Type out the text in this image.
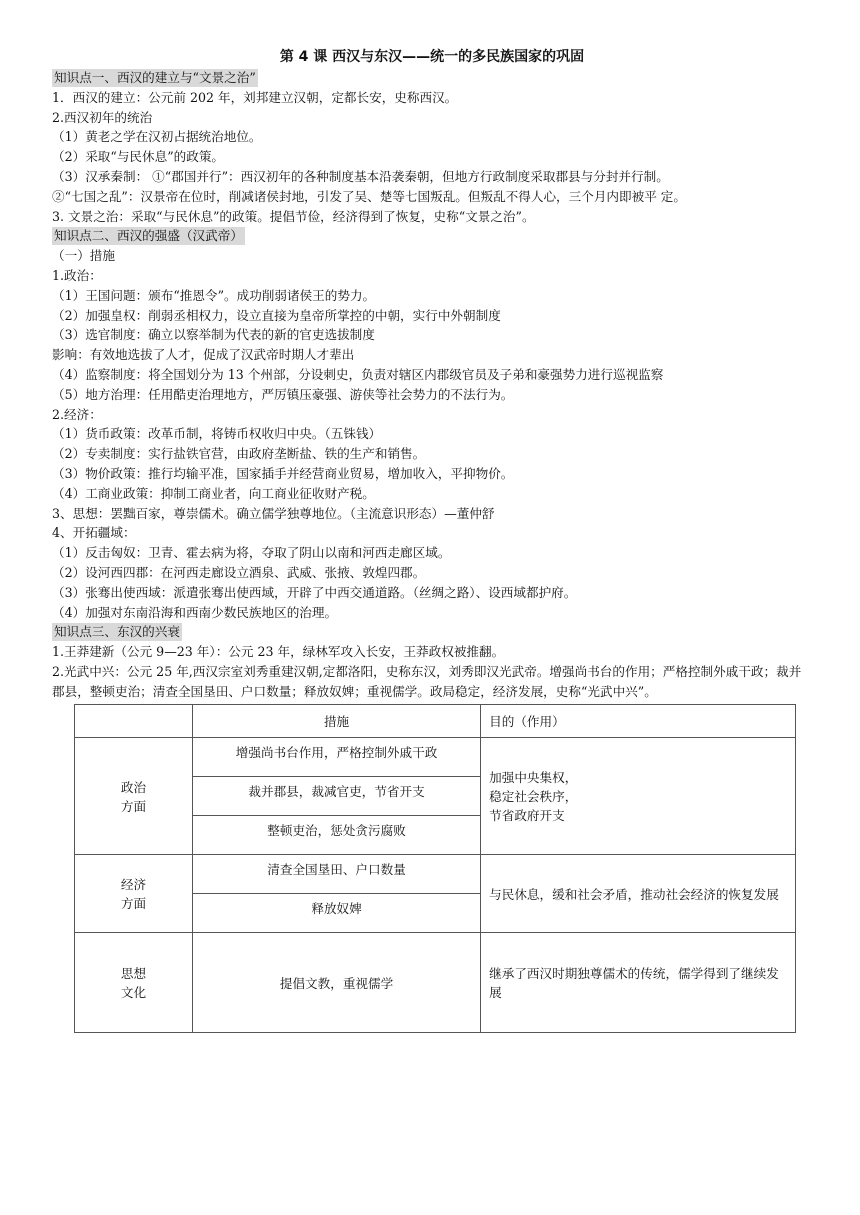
第 4 课 西汉与东汉——统一的多民族国家的巩固
知识点一、西汉的建立与“文景之治”
1．西汉的建立：公元前 202 年，刘邦建立汉朝，定都长安，史称西汉。
2.西汉初年的统治
（1）黄老之学在汉初占据统治地位。
（2）采取“与民休息”的政策。
（3）汉承秦制： ①“郡国并行”：西汉初年的各种制度基本沿袭秦朝，但地方行政制度采取郡县与分封并行制。
②“七国之乱”：汉景帝在位时，削减诸侯封地，引发了吴、楚等七国叛乱。但叛乱不得人心，三个月内即被平 定。
3. 文景之治：采取“与民休息”的政策。提倡节俭，经济得到了恢复，史称“文景之治”。
知识点二、西汉的强盛（汉武帝）
（一）措施
1.政治：
（1）王国问题：颁布“推恩令”。成功削弱诸侯王的势力。
（2）加强皇权：削弱丞相权力，设立直接为皇帝所掌控的中朝，实行中外朝制度
（3）选官制度：确立以察举制为代表的新的官吏选拔制度
影响：有效地选拔了人才，促成了汉武帝时期人才辈出
（4）监察制度：将全国划分为 13 个州部，分设刺史，负责对辖区内郡级官员及子弟和豪强势力进行巡视监察
（5）地方治理：任用酷吏治理地方，严厉镇压豪强、游侠等社会势力的不法行为。
2.经济：
（1）货币政策：改革币制，将铸币权收归中央。（五铢钱）
（2）专卖制度：实行盐铁官营，由政府垄断盐、铁的生产和销售。
（3）物价政策：推行均输平准，国家插手并经营商业贸易，增加收入，平抑物价。
（4）工商业政策：抑制工商业者，向工商业征收财产税。
3、思想：罢黜百家，尊崇儒术。确立儒学独尊地位。（主流意识形态）—董仲舒
4、开拓疆域：
（1）反击匈奴：卫青、霍去病为将，夺取了阴山以南和河西走廊区域。
（2）设河西四郡：在河西走廊设立酒泉、武威、张掖、敦煌四郡。
（3）张骞出使西域：派遣张骞出使西域，开辟了中西交通道路。（丝绸之路）、设西域都护府。
（4）加强对东南沿海和西南少数民族地区的治理。
知识点三、东汉的兴衰
1.王莽建新（公元 9—23 年）：公元 23 年，绿林军攻入长安，王莽政权被推翻。
2.光武中兴：公元 25 年,西汉宗室刘秀重建汉朝,定都洛阳，史称东汉，刘秀即汉光武帝。增强尚书台的作用；严格控制外戚干政；裁并郡县，整顿吏治；清查全国垦田、户口数量；释放奴婢；重视儒学。政局稳定，经济发展，史称“光武中兴”。
	措施	目的（作用）
政治
方面	增强尚书台作用，严格控制外戚干政	加强中央集权，
稳定社会秩序，
节省政府开支
	裁并郡县，裁减官吏，节省开支	
	整顿吏治，惩处贪污腐败	
经济
方面	清查全国垦田、户口数量	与民休息，缓和社会矛盾，推动社会经济的恢复发展
	释放奴婢	
思想
文化	提倡文教，重视儒学	继承了西汉时期独尊儒术的传统，儒学得到了继续发展
